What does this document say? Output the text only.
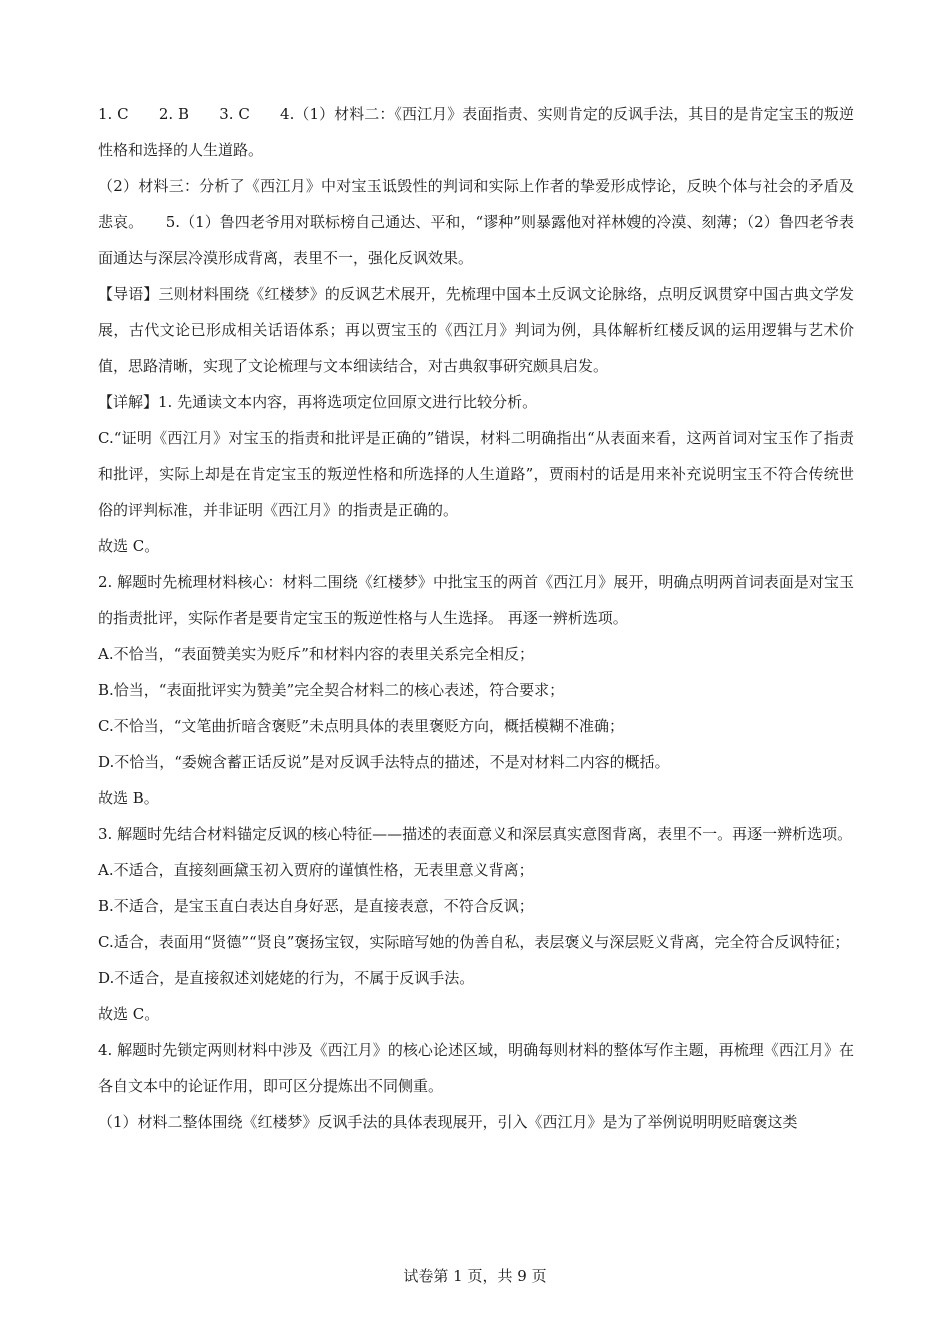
1. C　　2. B　　3. C　　4.（1）材料二：《西江月》表面指责、实则肯定的反讽手法，其目的是肯定宝玉的叛逆性格和选择的人生道路。

（2）材料三：分析了《西江月》中对宝玉诋毁性的判词和实际上作者的挚爱形成悖论，反映个体与社会的矛盾及悲哀。　　5.（1）鲁四老爷用对联标榜自己通达、平和，“谬种”则暴露他对祥林嫂的冷漠、刻薄；（2）鲁四老爷表面通达与深层冷漠形成背离，表里不一，强化反讽效果。

【导语】三则材料围绕《红楼梦》的反讽艺术展开，先梳理中国本土反讽文论脉络，点明反讽贯穿中国古典文学发展，古代文论已形成相关话语体系；再以贾宝玉的《西江月》判词为例，具体解析红楼反讽的运用逻辑与艺术价值，思路清晰，实现了文论梳理与文本细读结合，对古典叙事研究颇具启发。

【详解】1. 先通读文本内容，再将选项定位回原文进行比较分析。

C.“证明《西江月》对宝玉的指责和批评是正确的”错误，材料二明确指出“从表面来看，这两首词对宝玉作了指责和批评，实际上却是在肯定宝玉的叛逆性格和所选择的人生道路”，贾雨村的话是用来补充说明宝玉不符合传统世俗的评判标准，并非证明《西江月》的指责是正确的。

故选 C。

2. 解题时先梳理材料核心：材料二围绕《红楼梦》中批宝玉的两首《西江月》展开，明确点明两首词表面是对宝玉的指责批评，实际作者是要肯定宝玉的叛逆性格与人生选择。 再逐一辨析选项。

A.不恰当，“表面赞美实为贬斥”和材料内容的表里关系完全相反；

B.恰当，“表面批评实为赞美”完全契合材料二的核心表述，符合要求；

C.不恰当，“文笔曲折暗含褒贬”未点明具体的表里褒贬方向，概括模糊不准确；

D.不恰当，“委婉含蓄正话反说”是对反讽手法特点的描述，不是对材料二内容的概括。

故选 B。

3. 解题时先结合材料锚定反讽的核心特征——描述的表面意义和深层真实意图背离，表里不一。再逐一辨析选项。

A.不适合，直接刻画黛玉初入贾府的谨慎性格，无表里意义背离；

B.不适合，是宝玉直白表达自身好恶，是直接表意，不符合反讽；

C.适合，表面用“贤德”“贤良”褒扬宝钗，实际暗写她的伪善自私，表层褒义与深层贬义背离，完全符合反讽特征；

D.不适合，是直接叙述刘姥姥的行为，不属于反讽手法。

故选 C。

4. 解题时先锁定两则材料中涉及《西江月》的核心论述区域，明确每则材料的整体写作主题，再梳理《西江月》在各自文本中的论证作用，即可区分提炼出不同侧重。

（1）材料二整体围绕《红楼梦》反讽手法的具体表现展开，引入《西江月》是为了举例说明明贬暗褒这类

试卷第 1 页，共 9 页
